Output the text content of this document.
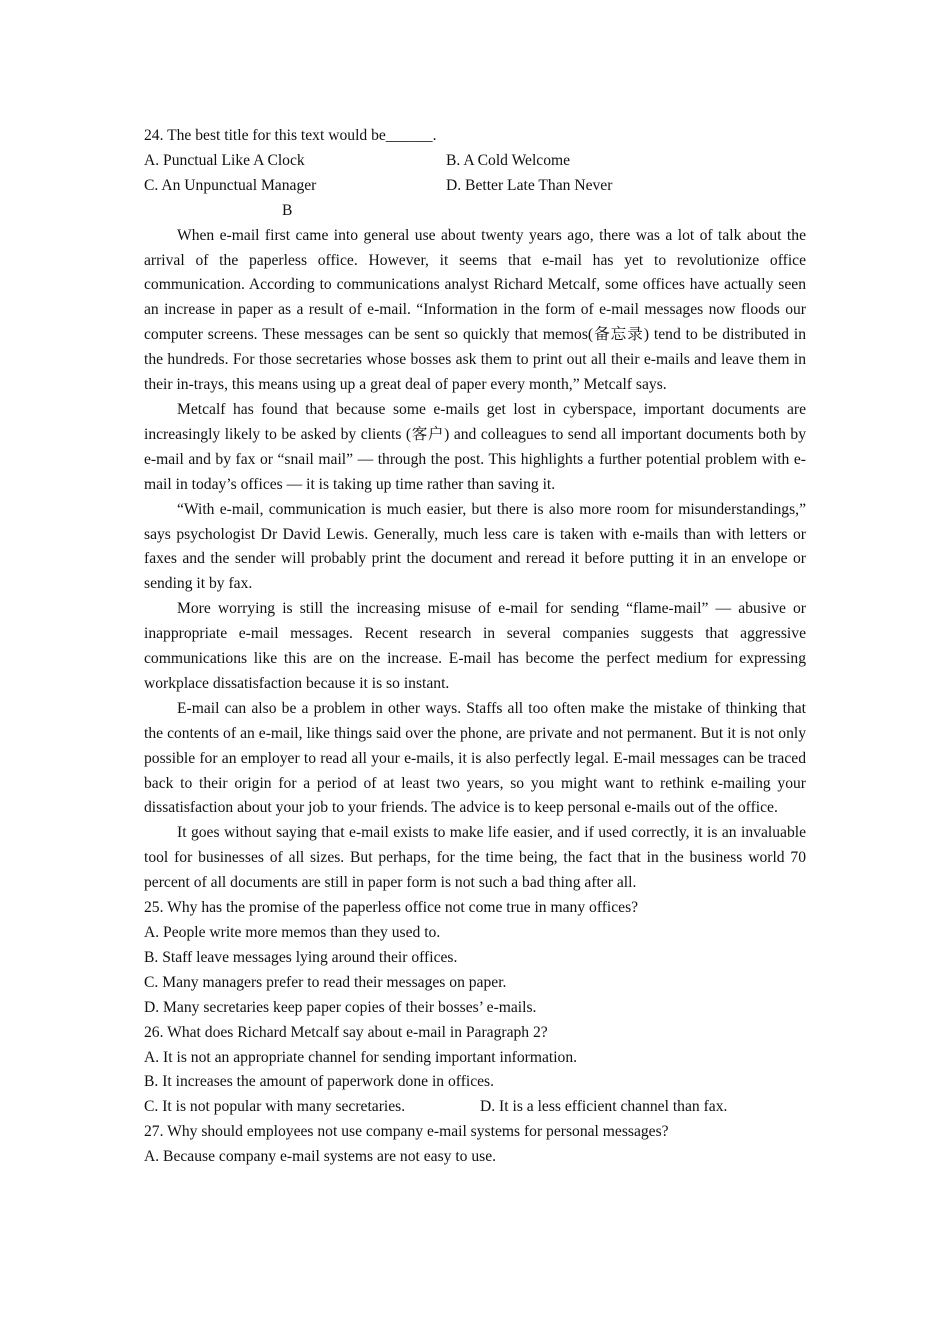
24. The best title for this text would be______.

A. Punctual Like A Clock	B. A Cold Welcome
C. An Unpunctual Manager	D. Better Late Than Never

B

When e-mail first came into general use about twenty years ago, there was a lot of talk about the arrival of the paperless office. However, it seems that e-mail has yet to revolutionize office communication. According to communications analyst Richard Metcalf, some offices have actually seen an increase in paper as a result of e-mail. “Information in the form of e-mail messages now floods our computer screens. These messages can be sent so quickly that memos(备忘录) tend to be distributed in the hundreds. For those secretaries whose bosses ask them to print out all their e-mails and leave them in their in-trays, this means using up a great deal of paper every month,” Metcalf says.

Metcalf has found that because some e-mails get lost in cyberspace, important documents are increasingly likely to be asked by clients (客户) and colleagues to send all important documents both by e-mail and by fax or “snail mail” — through the post. This highlights a further potential problem with e-mail in today’s offices — it is taking up time rather than saving it.

“With e-mail, communication is much easier, but there is also more room for misunderstandings,” says psychologist Dr David Lewis. Generally, much less care is taken with e-mails than with letters or faxes and the sender will probably print the document and reread it before putting it in an envelope or sending it by fax.

More worrying is still the increasing misuse of e-mail for sending “flame-mail” — abusive or inappropriate e-mail messages. Recent research in several companies suggests that aggressive communications like this are on the increase. E-mail has become the perfect medium for expressing workplace dissatisfaction because it is so instant.

E-mail can also be a problem in other ways. Staffs all too often make the mistake of thinking that the contents of an e-mail, like things said over the phone, are private and not permanent. But it is not only possible for an employer to read all your e-mails, it is also perfectly legal. E-mail messages can be traced back to their origin for a period of at least two years, so you might want to rethink e-mailing your dissatisfaction about your job to your friends. The advice is to keep personal e-mails out of the office.

It goes without saying that e-mail exists to make life easier, and if used correctly, it is an invaluable tool for businesses of all sizes. But perhaps, for the time being, the fact that in the business world 70 percent of all documents are still in paper form is not such a bad thing after all.

25. Why has the promise of the paperless office not come true in many offices?

A. People write more memos than they used to.

B. Staff leave messages lying around their offices.

C. Many managers prefer to read their messages on paper.

D. Many secretaries keep paper copies of their bosses’ e-mails.

26. What does Richard Metcalf say about e-mail in Paragraph 2?

A. It is not an appropriate channel for sending important information.

B. It increases the amount of paperwork done in offices.

C. It is not popular with many secretaries.	D. It is a less efficient channel than fax.

27. Why should employees not use company e-mail systems for personal messages?

A. Because company e-mail systems are not easy to use.
